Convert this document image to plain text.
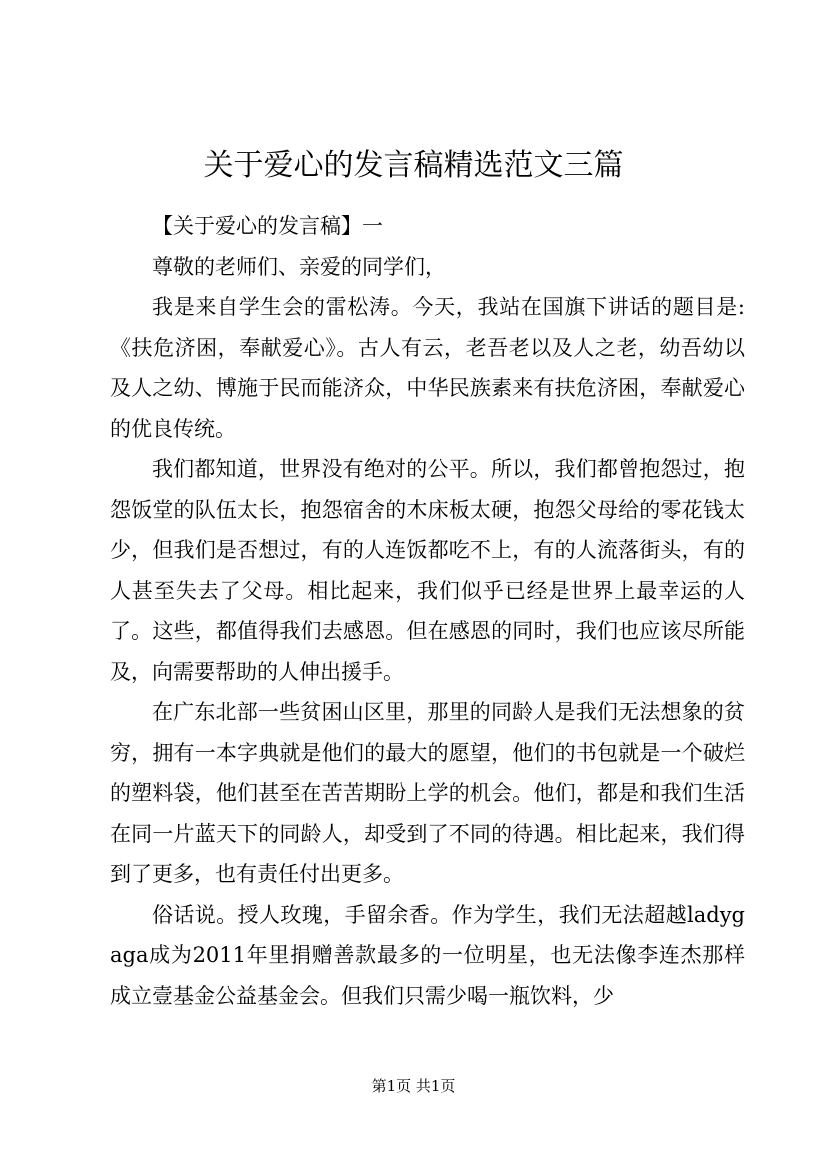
关于爱心的发言稿精选范文三篇

【关于爱心的发言稿】一

尊敬的老师们、亲爱的同学们，

我是来自学生会的雷松涛。今天，我站在国旗下讲话的题目是:《扶危济困，奉献爱心》。古人有云，老吾老以及人之老，幼吾幼以及人之幼、博施于民而能济众，中华民族素来有扶危济困，奉献爱心的优良传统。

我们都知道，世界没有绝对的公平。所以，我们都曾抱怨过，抱怨饭堂的队伍太长，抱怨宿舍的木床板太硬，抱怨父母给的零花钱太少，但我们是否想过，有的人连饭都吃不上，有的人流落街头，有的人甚至失去了父母。相比起来，我们似乎已经是世界上最幸运的人了。这些，都值得我们去感恩。但在感恩的同时，我们也应该尽所能及，向需要帮助的人伸出援手。

在广东北部一些贫困山区里，那里的同龄人是我们无法想象的贫穷，拥有一本字典就是他们的最大的愿望，他们的书包就是一个破烂的塑料袋，他们甚至在苦苦期盼上学的机会。他们，都是和我们生活在同一片蓝天下的同龄人，却受到了不同的待遇。相比起来，我们得到了更多，也有责任付出更多。

俗话说。授人玫瑰，手留余香。作为学生，我们无法超越ladygaga成为2011年里捐赠善款最多的一位明星，也无法像李连杰那样成立壹基金公益基金会。但我们只需少喝一瓶饮料，少

第1页 共1页
